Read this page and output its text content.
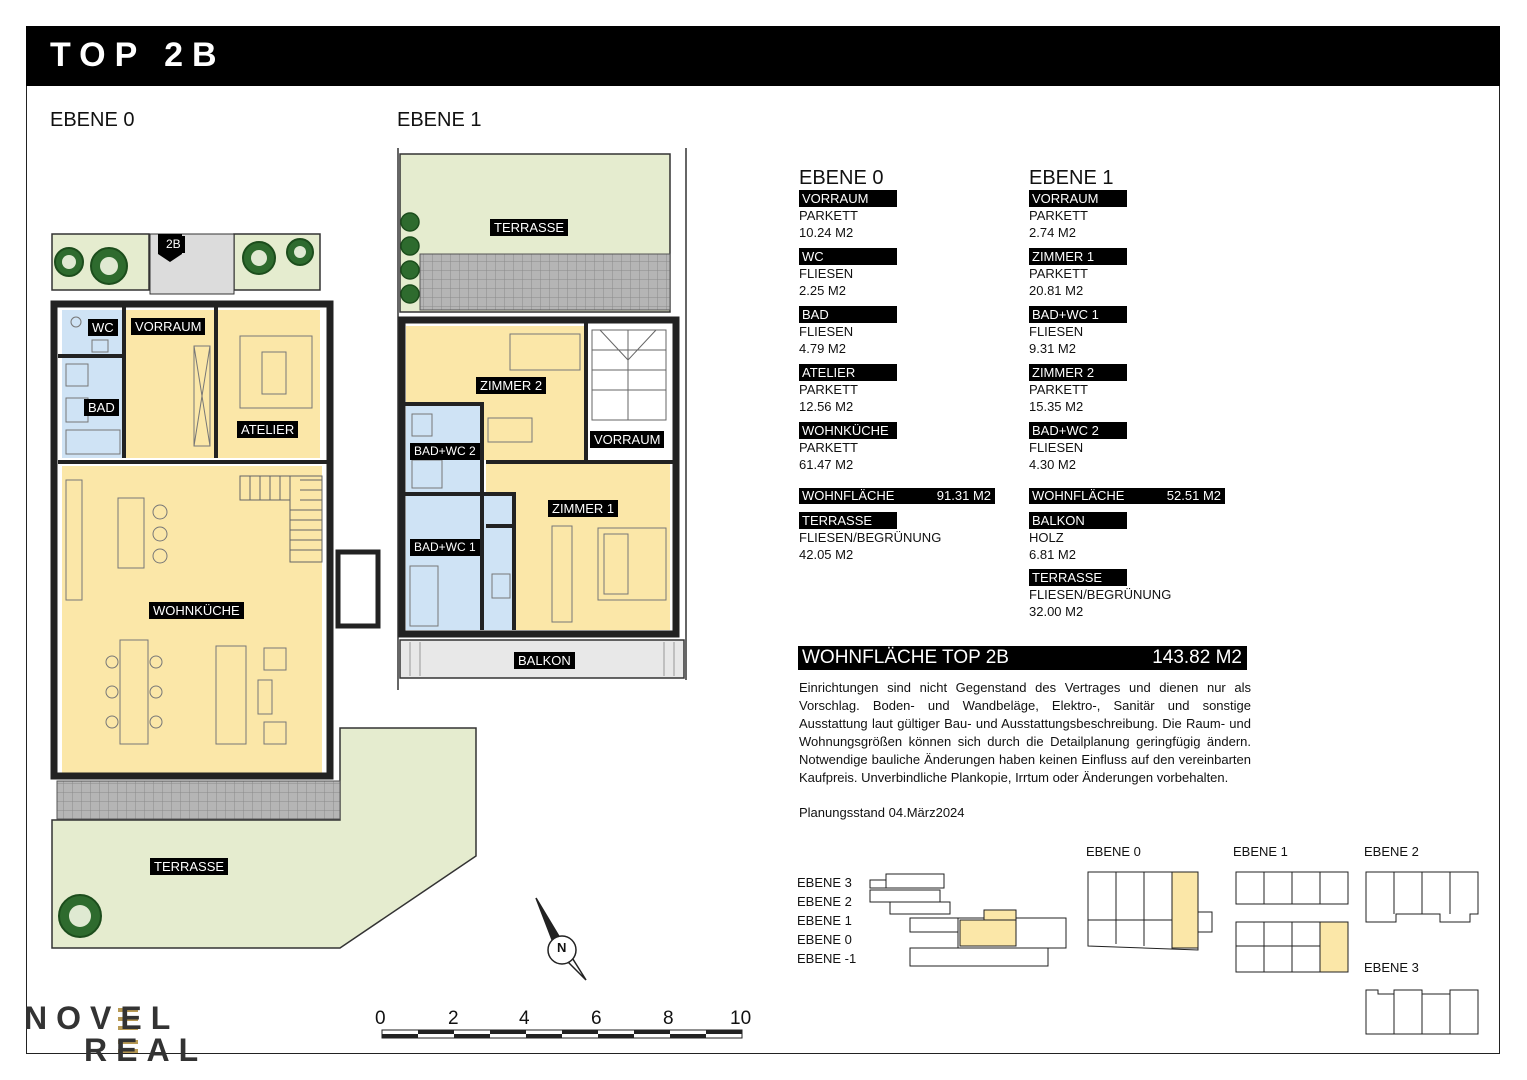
TOP 2B
EBENE 0	EBENE 1
2B
WC	VORRAUM
BAD
ATELIER
WOHNKÜCHE
TERRASSE
TERRASSE
ZIMMER 2
VORRAUM
BAD+WC 2
ZIMMER 1
BAD+WC 1
BALKON
EBENE 0
VORRAUM
PARKETT
10.24 M2
WC
FLIESEN
2.25 M2
BAD
FLIESEN
4.79 M2
ATELIER
PARKETT
12.56 M2
WOHNKÜCHE
PARKETT
61.47 M2
WOHNFLÄCHE	91.31 M2
TERRASSE
FLIESEN/BEGRÜNUNG
42.05 M2
EBENE 1
VORRAUM
PARKETT
2.74 M2
ZIMMER 1
PARKETT
20.81 M2
BAD+WC 1
FLIESEN
9.31 M2
ZIMMER 2
PARKETT
15.35 M2
BAD+WC 2
FLIESEN
4.30 M2
WOHNFLÄCHE	52.51 M2
BALKON
HOLZ
6.81 M2
TERRASSE
FLIESEN/BEGRÜNUNG
32.00 M2
WOHNFLÄCHE TOP 2B	143.82 M2
Einrichtungen sind nicht Gegenstand des Vertrages und dienen nur als Vorschlag. Boden- und Wandbeläge, Elektro-, Sanitär und sonstige Ausstattung laut gültiger Bau- und Ausstattungsbeschreibung. Die Raum- und Wohnungsgrößen können sich durch die Detailplanung geringfügig ändern. Notwendige bauliche Änderungen haben keinen Einfluss auf den vereinbarten Kaufpreis. Unverbindliche Plankopie, Irrtum oder Änderungen vorbehalten.
Planungsstand 04.März2024
EBENE 3
EBENE 2
EBENE 1
EBENE 0
EBENE -1
EBENE 0	EBENE 1	EBENE 2
EBENE 3
N
0	2	4	6	8	10
NOVEL
REAL
